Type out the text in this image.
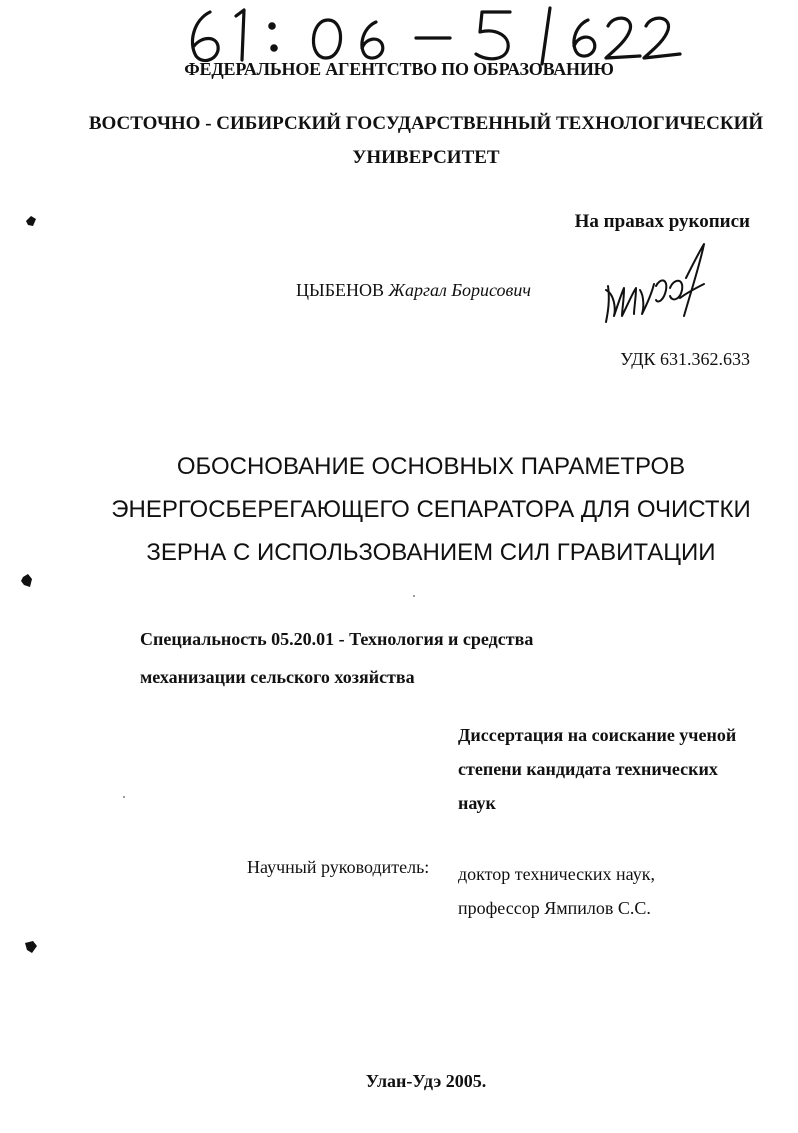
ФЕДЕРАЛЬНОЕ АГЕНТСТВО ПО ОБРАЗОВАНИЮ
ВОСТОЧНО - СИБИРСКИЙ ГОСУДАРСТВЕННЫЙ ТЕХНОЛОГИЧЕСКИЙ
УНИВЕРСИТЕТ
На правах рукописи
ЦЫБЕНОВ Жаргал Борисович
УДК 631.362.633
ОБОСНОВАНИЕ ОСНОВНЫХ ПАРАМЕТРОВ
ЭНЕРГОСБЕРЕГАЮЩЕГО СЕПАРАТОРА ДЛЯ ОЧИСТКИ
ЗЕРНА С ИСПОЛЬЗОВАНИЕМ СИЛ ГРАВИТАЦИИ
Специальность 05.20.01 - Технология и средства
механизации сельского хозяйства
Диссертация на соискание ученой
степени кандидата технических
наук
Научный руководитель: доктор технических наук,
профессор Ямпилов С.С.
Улан-Удэ 2005.
